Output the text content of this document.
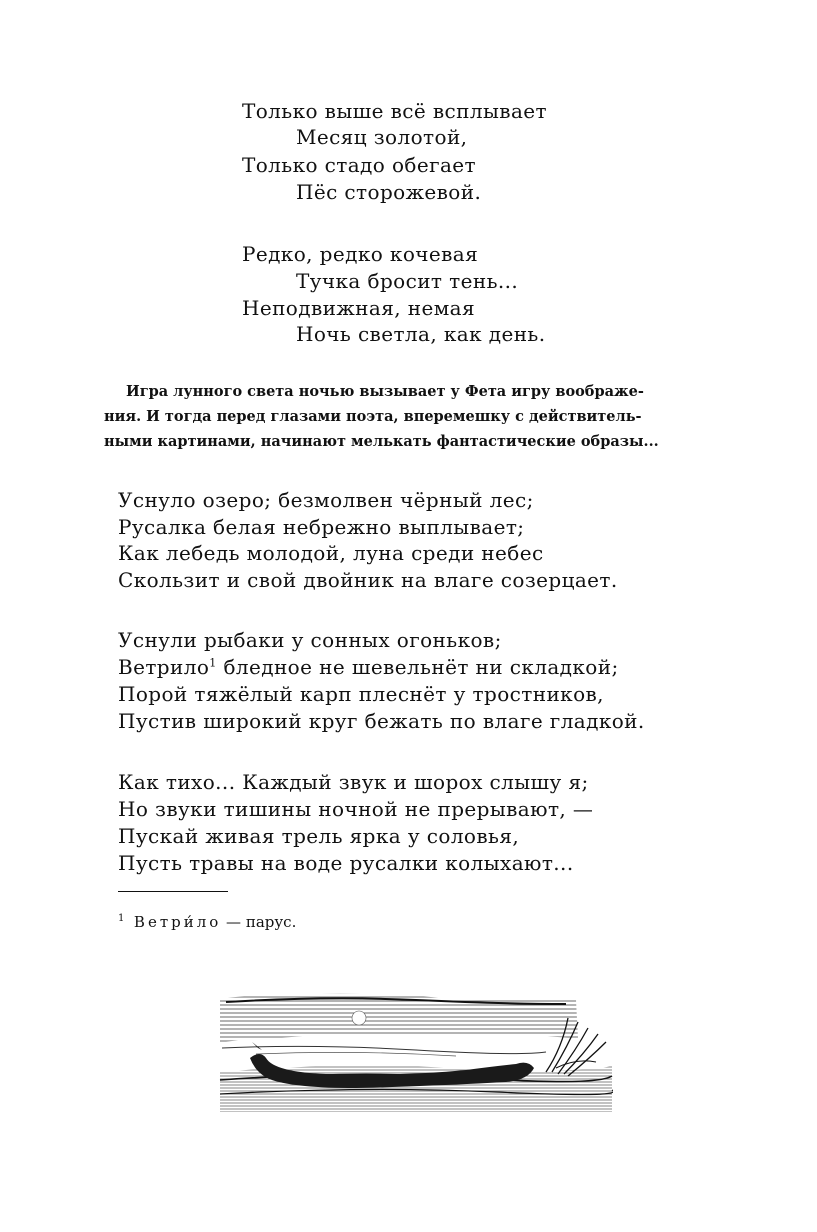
Только выше всё всплывает
Месяц золотой,
Только стадо обегает
Пёс сторожевой.
Редко, редко кочевая
Тучка бросит тень...
Неподвижная, немая
Ночь светла, как день.
Игра лунного света ночью вызывает у Фета игру воображе-
ния. И тогда перед глазами поэта, вперемешку с действитель-
ными картинами, начинают мелькать фантастические образы...
Уснуло озеро; безмолвен чёрный лес;
Русалка белая небрежно выплывает;
Как лебедь молодой, луна среди небес
Скользит и свой двойник на влаге созерцает.
Уснули рыбаки у сонных огоньков;
Ветрило$^1$ бледное не шевельнёт ни складкой;
Порой тяжёлый карп плеснёт у тростников,
Пустив широкий круг бежать по влаге гладкой.
Как тихо... Каждый звук и шорох слышу я;
Но звуки тишины ночной не прерывают, —
Пускай живая трель ярка у соловья,
Пусть травы на воде русалки колыхают...
$^1$ Ветри́ло — парус.
